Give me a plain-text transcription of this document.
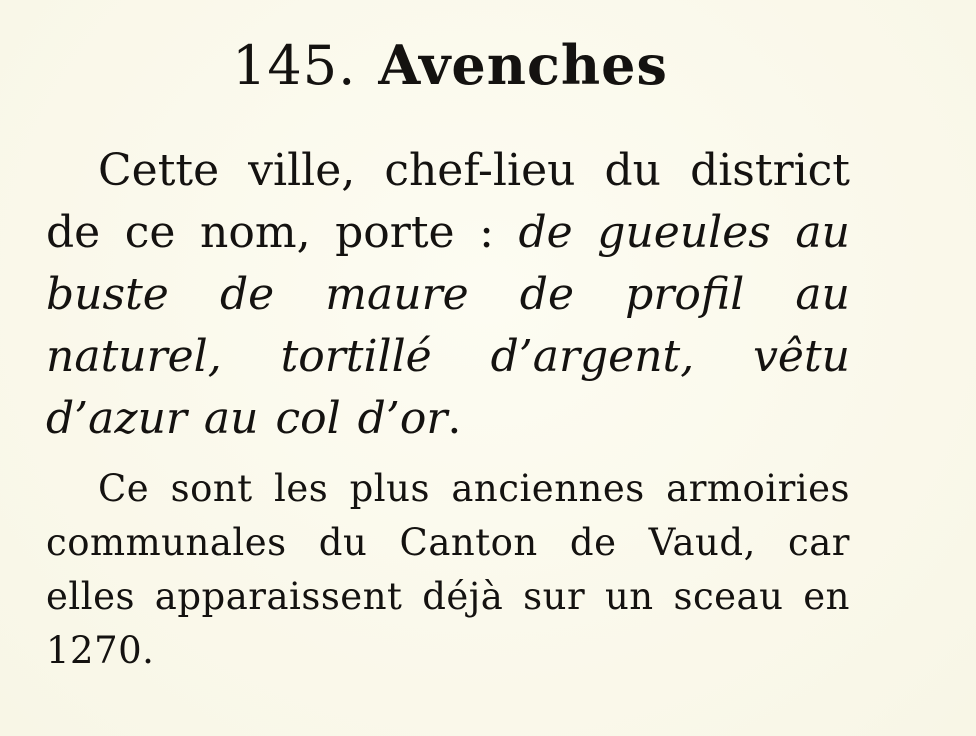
145. Avenches

Cette ville, chef-lieu du district de ce nom, porte : de gueules au buste de maure de profil au naturel, tortillé d’argent, vêtu d’azur au col d’or.

Ce sont les plus anciennes armoiries communales du Canton de Vaud, car elles apparaissent déjà sur un sceau en 1270.
